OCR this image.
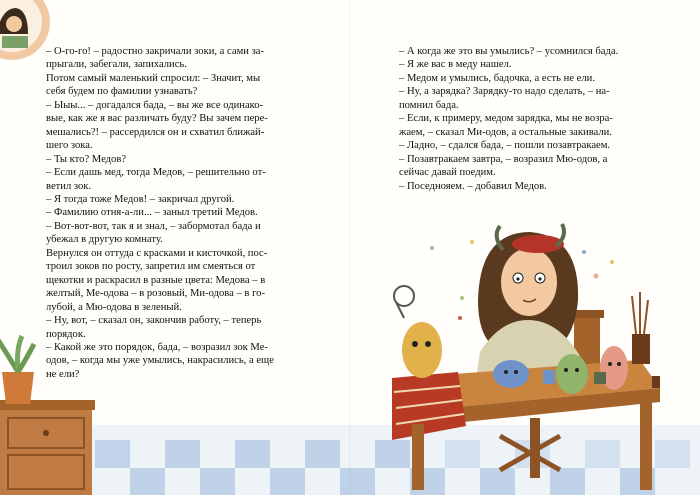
– О-го-го! – радостно закричали зоки, а сами за-

прыгали, забегали, запихались.

Потом самый маленький спросил: – Значит, мы

себя будем по фамилии узнавать?

– Ыыы... – догадался бада, – вы же все одинако-

вые, как же я вас различать буду? Вы зачем пере-

мешались?! – рассердился он и схватил ближай-

шего зока.

– Ты кто? Медов?

– Если дашь мед, тогда Медов, – решительно от-

ветил зок.

– Я тогда тоже Медов! – закричал другой.

– Фамилию отня-а-ли... – заныл третий Медов.

– Вот-вот-вот, так я и знал, – забормотал бада и

убежал в другую комнату.

Вернулся он оттуда с красками и кисточкой, пос-

троил зоков по росту, запретил им смеяться от

щекотки и раскрасил в разные цвета: Медова – в

желтый, Ме-одова – в розовый, Ми-одова – в го-

лубой, а Мю-одова в зеленый.

– Ну, вот, – сказал он, закончив работу, – теперь

порядок.

– Какой же это порядок, бада, – возразил зок Ме-

одов, – когда мы уже умылись, накрасились, а еще

не ели?

– А когда же это вы умылись? – усомнился бада.

– Я же вас в меду нашел.

– Медом и умылись, бадочка, а есть не ели.

– Ну, а зарядка? Зарядку-то надо сделать, – на-

помнил бада.

– Если, к примеру, медом зарядка, мы не возра-

жаем, – сказал Ми-одов, а остальные закивали.

– Ладно, – сдался бада, – пошли позавтракаем.

– Позавтракаем завтра, – возразил Мю-одов, а

сейчас давай поедим.

– Поседнояем. – добавил Медов.
